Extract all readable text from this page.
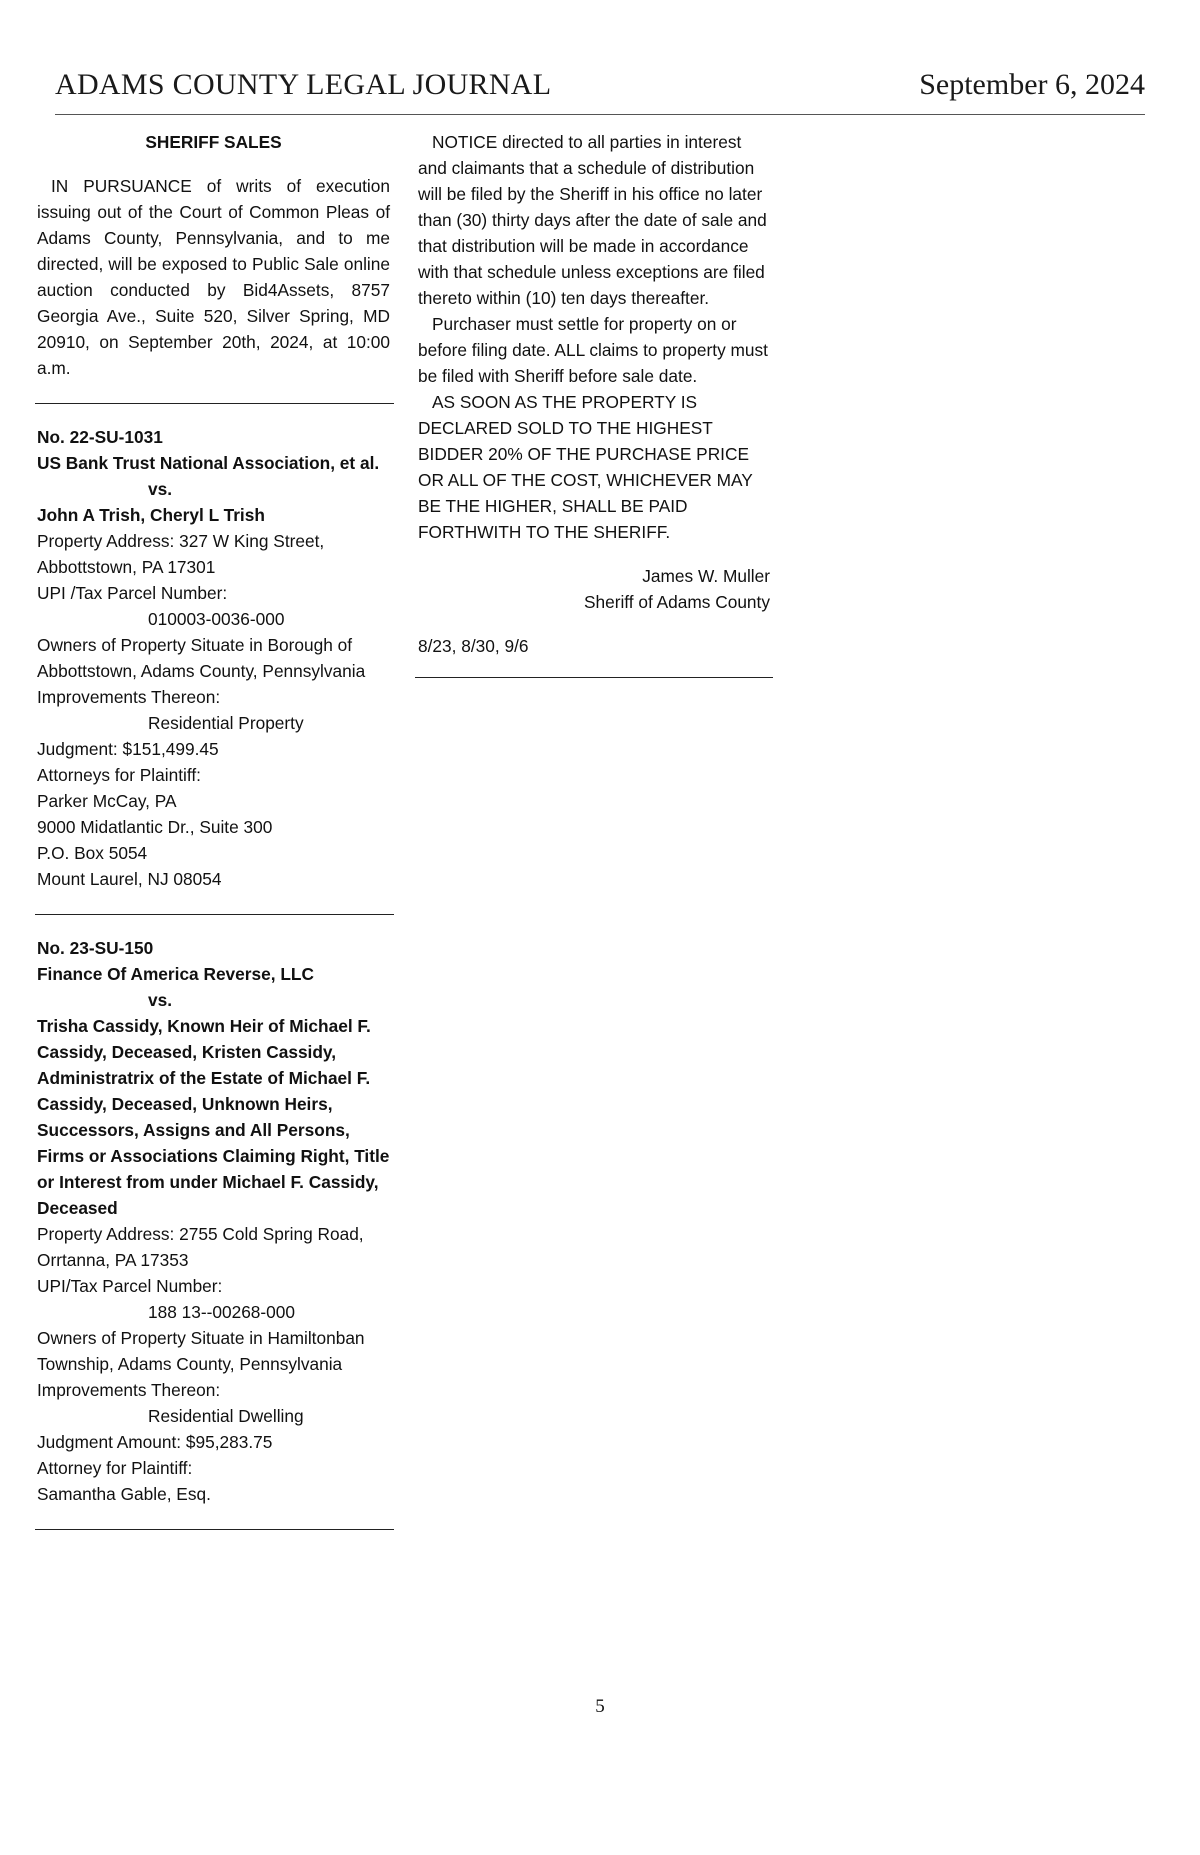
ADAMS COUNTY LEGAL JOURNAL	September 6, 2024
SHERIFF SALES
IN PURSUANCE of writs of execution issuing out of the Court of Common Pleas of Adams County, Pennsylvania, and to me directed, will be exposed to Public Sale online auction conducted by Bid4Assets, 8757 Georgia Ave., Suite 520, Silver Spring, MD 20910, on September 20th, 2024, at 10:00 a.m.
No. 22-SU-1031
US Bank Trust National Association, et al.
vs.
John A Trish, Cheryl L Trish
Property Address: 327 W King Street,
Abbottstown, PA 17301
UPI /Tax Parcel Number:
010003-0036-000
Owners of Property Situate in Borough of
Abbottstown, Adams County, Pennsylvania
Improvements Thereon:
Residential Property
Judgment: $151,499.45
Attorneys for Plaintiff:
Parker McCay, PA
9000 Midatlantic Dr., Suite 300
P.O. Box 5054
Mount Laurel, NJ 08054
No. 23-SU-150
Finance Of America Reverse, LLC
vs.
Trisha Cassidy, Known Heir of Michael F. Cassidy, Deceased, Kristen Cassidy, Administratrix of the Estate of Michael F. Cassidy, Deceased, Unknown Heirs, Successors, Assigns and All Persons, Firms or Associations Claiming Right, Title or Interest from under Michael F. Cassidy, Deceased
Property Address: 2755 Cold Spring Road,
Orrtanna, PA 17353
UPI/Tax Parcel Number:
188 13--00268-000
Owners of Property Situate in Hamiltonban
Township, Adams County, Pennsylvania
Improvements Thereon:
Residential Dwelling
Judgment Amount: $95,283.75
Attorney for Plaintiff:
Samantha Gable, Esq.
NOTICE directed to all parties in interest and claimants that a schedule of distribution will be filed by the Sheriff in his office no later than (30) thirty days after the date of sale and that distribution will be made in accordance with that schedule unless exceptions are filed thereto within (10) ten days thereafter.
Purchaser must settle for property on or before filing date. ALL claims to property must be filed with Sheriff before sale date.
AS SOON AS THE PROPERTY IS DECLARED SOLD TO THE HIGHEST BIDDER 20% OF THE PURCHASE PRICE OR ALL OF THE COST, WHICHEVER MAY BE THE HIGHER, SHALL BE PAID FORTHWITH TO THE SHERIFF.
James W. Muller
Sheriff of Adams County
8/23, 8/30, 9/6
5
